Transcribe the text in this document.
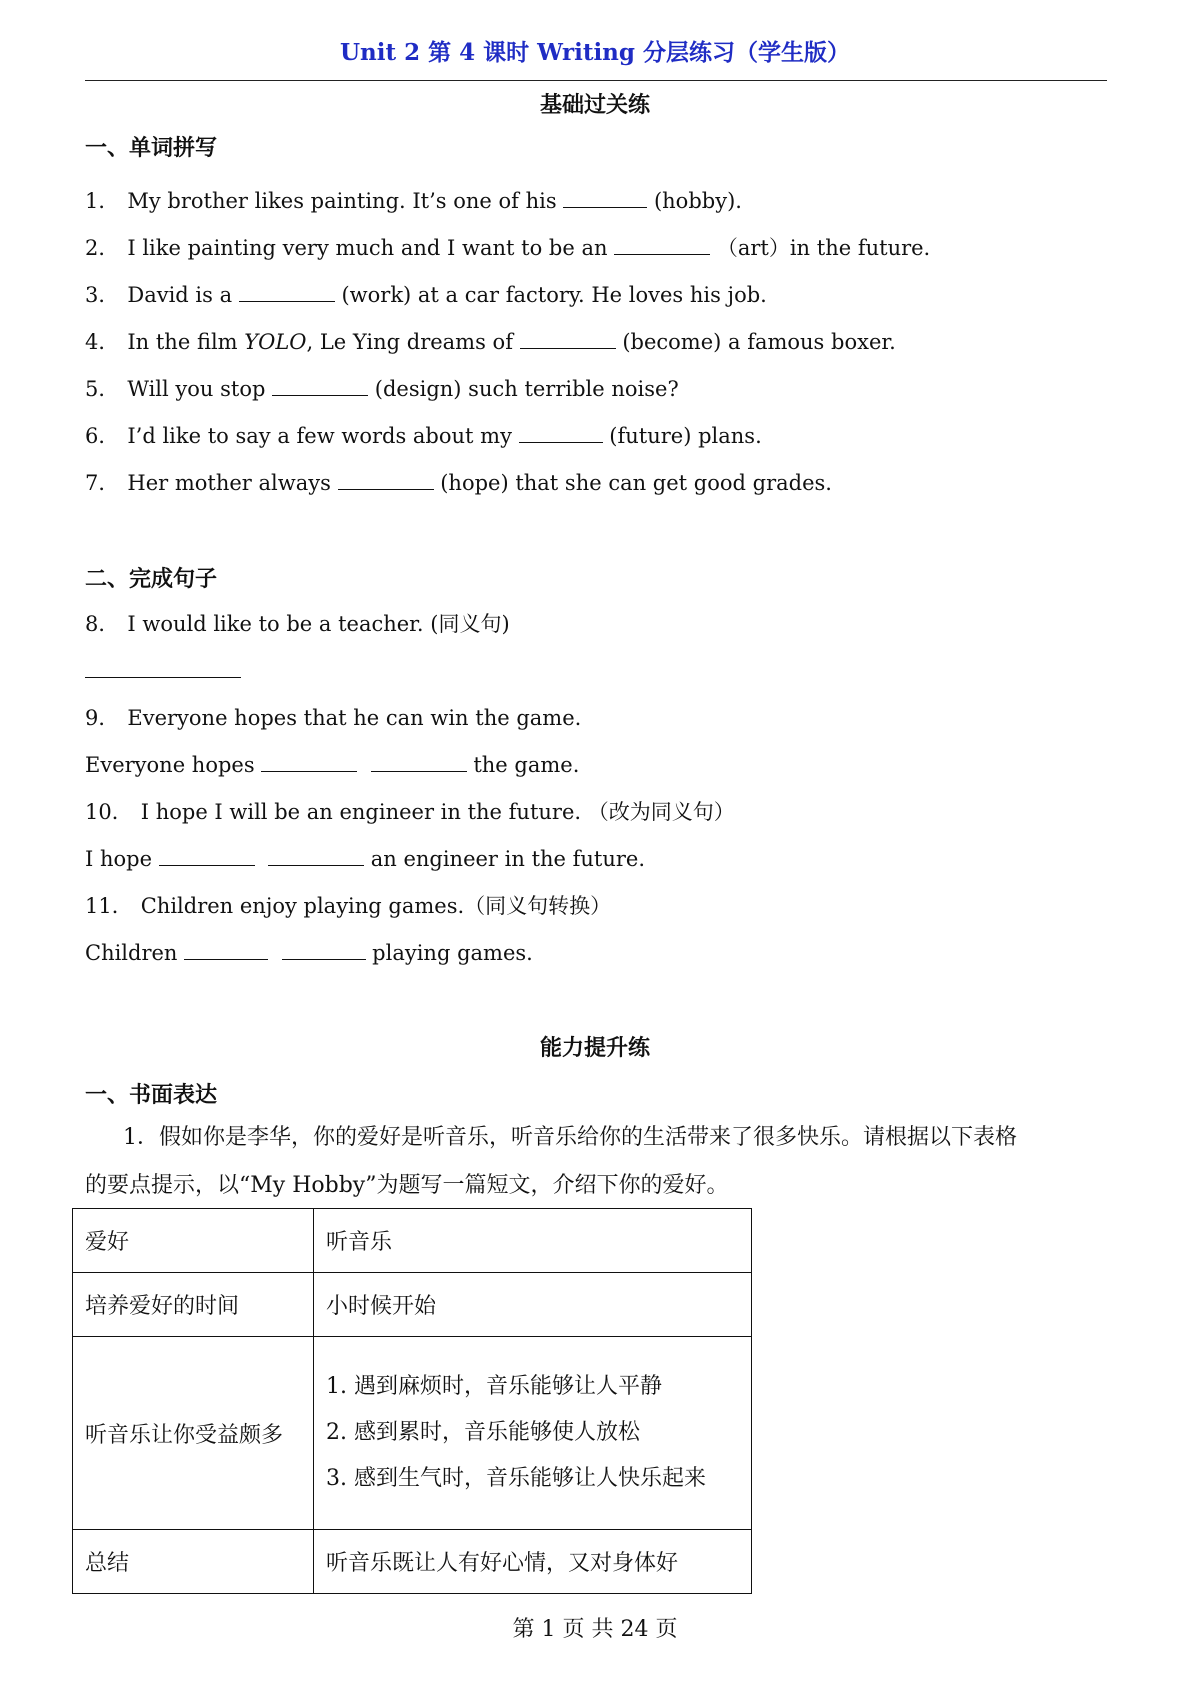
Unit 2 第 4 课时 Writing 分层练习（学生版）
基础过关练
一、单词拼写
1． My brother likes painting. It’s one of his	(hobby).
2． I like painting very much and I want to be an	（art）in the future.
3． David is a	(work) at a car factory. He loves his job.
4． In the film YOLO, Le Ying dreams of	(become) a famous boxer.
5． Will you stop	(design) such terrible noise?
6． I’d like to say a few words about my	(future) plans.
7． Her mother always	(hope) that she can get good grades.
二、完成句子
8． I would like to be a teacher. (同义句)
9． Everyone hopes that he can win the game.
Everyone hopes	the game.
10． I hope I will be an engineer in the future. （改为同义句）
I hope	an engineer in the future.
11． Children enjoy playing games.（同义句转换）
Children	playing games.
能力提升练
一、书面表达
1．假如你是李华，你的爱好是听音乐，听音乐给你的生活带来了很多快乐。请根据以下表格
的要点提示，以“My Hobby”为题写一篇短文，介绍下你的爱好。
爱好	听音乐
培养爱好的时间	小时候开始
听音乐让你受益颇多	1. 遇到麻烦时，音乐能够让人平静
2. 感到累时，音乐能够使人放松
3. 感到生气时，音乐能够让人快乐起来

总结	听音乐既让人有好心情，又对身体好
第 1 页 共 24 页
